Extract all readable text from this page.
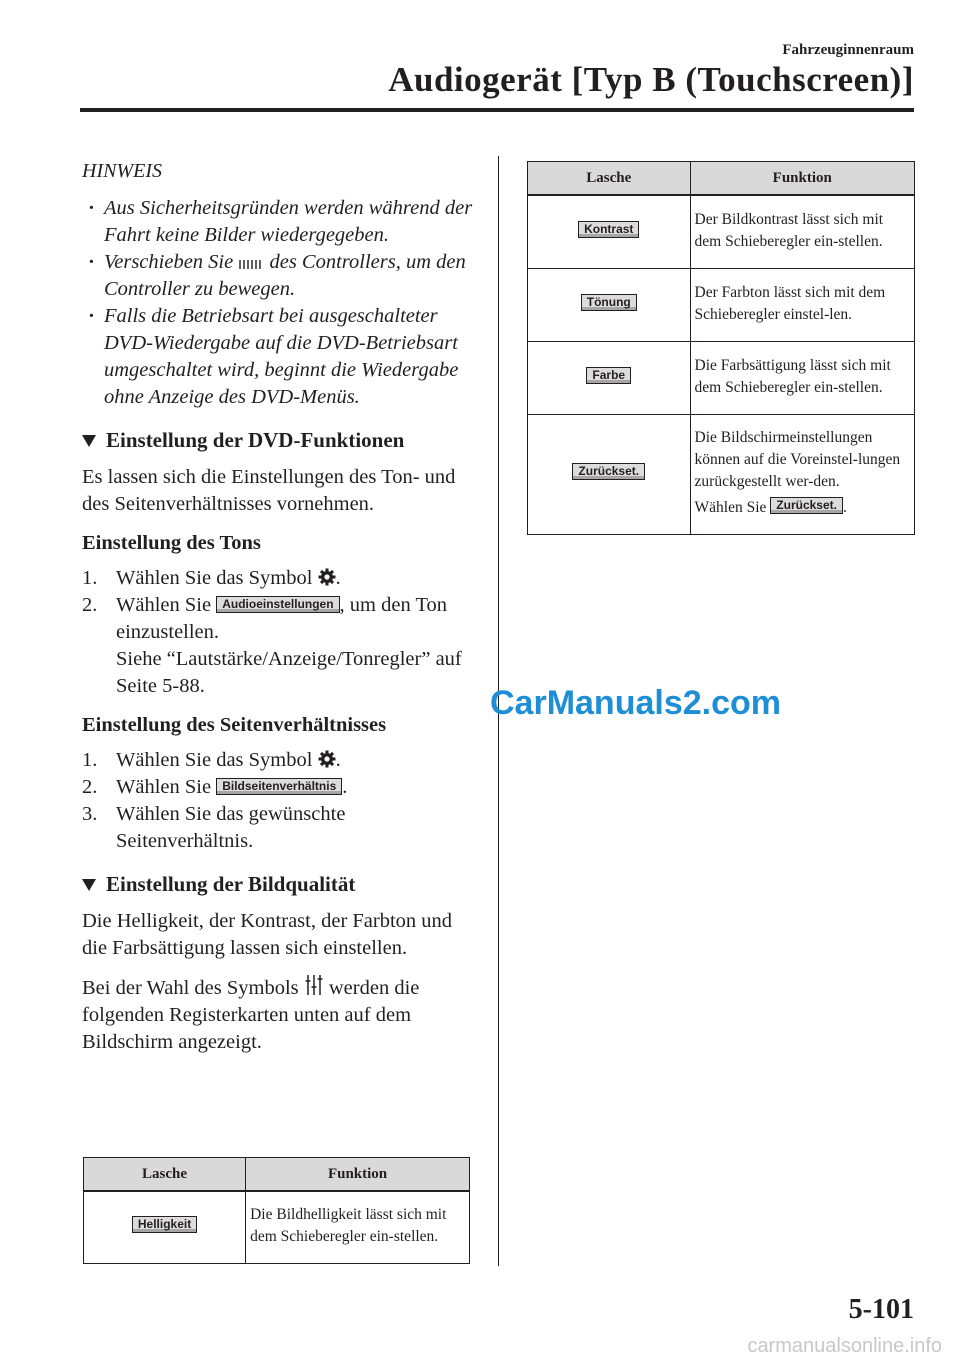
Fahrzeuginnenraum
Audiogerät [Typ B (Touchscreen)]
HINWEIS
· Aus Sicherheitsgründen werden während der Fahrt keine Bilder wiedergegeben.
· Verschieben Sie des Controllers, um den Controller zu bewegen.
· Falls die Betriebsart bei ausgeschalteter DVD-Wiedergabe auf die DVD-Betriebsart umgeschaltet wird, beginnt die Wiedergabe ohne Anzeige des DVD-Menüs.
Einstellung der DVD-Funktionen

Es lassen sich die Einstellungen des Ton- und des Seitenverhältnisses vornehmen.

Einstellung des Tons
1. Wählen Sie das Symbol .
2. Wählen Sie Audioeinstellungen , um den Ton einzustellen.
Siehe “Lautstärke/Anzeige/Tonregler” auf Seite 5-88.
Einstellung des Seitenverhältnisses
1. Wählen Sie das Symbol .
2. Wählen Sie Bildseitenverhältnis .
3. Wählen Sie das gewünschte Seitenverhältnis.
Einstellung der Bildqualität

Die Helligkeit, der Kontrast, der Farbton und die Farbsättigung lassen sich einstellen.

Bei der Wahl des Symbols werden die folgenden Registerkarten unten auf dem Bildschirm angezeigt.

Lasche	Funktion
Helligkeit	Die Bildhelligkeit lässt sich mit dem Schieberegler ein-stellen.
Lasche	Funktion
Kontrast	Der Bildkontrast lässt sich mit dem Schieberegler ein-stellen.
Tönung	Der Farbton lässt sich mit dem Schieberegler einstel-len.
Farbe	Die Farbsättigung lässt sich mit dem Schieberegler ein-stellen.
Zurückset.	Die Bildschirmeinstellungen können auf die Voreinstel-lungen zurückgestellt wer-den.
Wählen Sie Zurückset. .
CarManuals2.com
5-101
carmanualsonline.info
